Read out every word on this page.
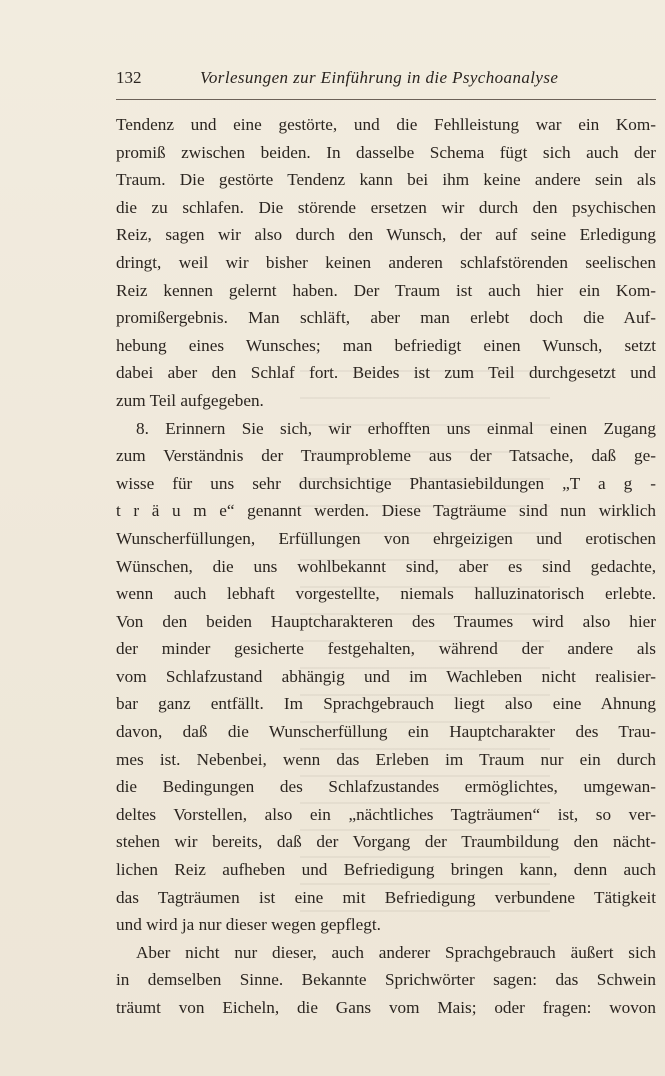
132	Vorlesungen zur Einführung in die Psychoanalyse
Tendenz und eine gestörte, und die Fehlleistung war ein Kom-
promiß zwischen beiden. In dasselbe Schema fügt sich auch der
Traum. Die gestörte Tendenz kann bei ihm keine andere sein als
die zu schlafen. Die störende ersetzen wir durch den psychischen
Reiz, sagen wir also durch den Wunsch, der auf seine Erledigung
dringt, weil wir bisher keinen anderen schlafstörenden seelischen
Reiz kennen gelernt haben. Der Traum ist auch hier ein Kom-
promißergebnis. Man schläft, aber man erlebt doch die Auf-
hebung eines Wunsches; man befriedigt einen Wunsch, setzt
dabei aber den Schlaf fort. Beides ist zum Teil durchgesetzt und
zum Teil aufgegeben.
8. Erinnern Sie sich, wir erhofften uns einmal einen Zugang
zum Verständnis der Traumprobleme aus der Tatsache, daß ge-
wisse für uns sehr durchsichtige Phantasiebildungen „T a g -
t r ä u m e“ genannt werden. Diese Tagträume sind nun wirklich
Wunscherfüllungen, Erfüllungen von ehrgeizigen und erotischen
Wünschen, die uns wohlbekannt sind, aber es sind gedachte,
wenn auch lebhaft vorgestellte, niemals halluzinatorisch erlebte.
Von den beiden Hauptcharakteren des Traumes wird also hier
der minder gesicherte festgehalten, während der andere als
vom Schlafzustand abhängig und im Wachleben nicht realisier-
bar ganz entfällt. Im Sprachgebrauch liegt also eine Ahnung
davon, daß die Wunscherfüllung ein Hauptcharakter des Trau-
mes ist. Nebenbei, wenn das Erleben im Traum nur ein durch
die Bedingungen des Schlafzustandes ermöglichtes, umgewan-
deltes Vorstellen, also ein „nächtliches Tagträumen“ ist, so ver-
stehen wir bereits, daß der Vorgang der Traumbildung den nächt-
lichen Reiz aufheben und Befriedigung bringen kann, denn auch
das Tagträumen ist eine mit Befriedigung verbundene Tätigkeit
und wird ja nur dieser wegen gepflegt.
Aber nicht nur dieser, auch anderer Sprachgebrauch äußert sich
in demselben Sinne. Bekannte Sprichwörter sagen: das Schwein
träumt von Eicheln, die Gans vom Mais; oder fragen: wovon
